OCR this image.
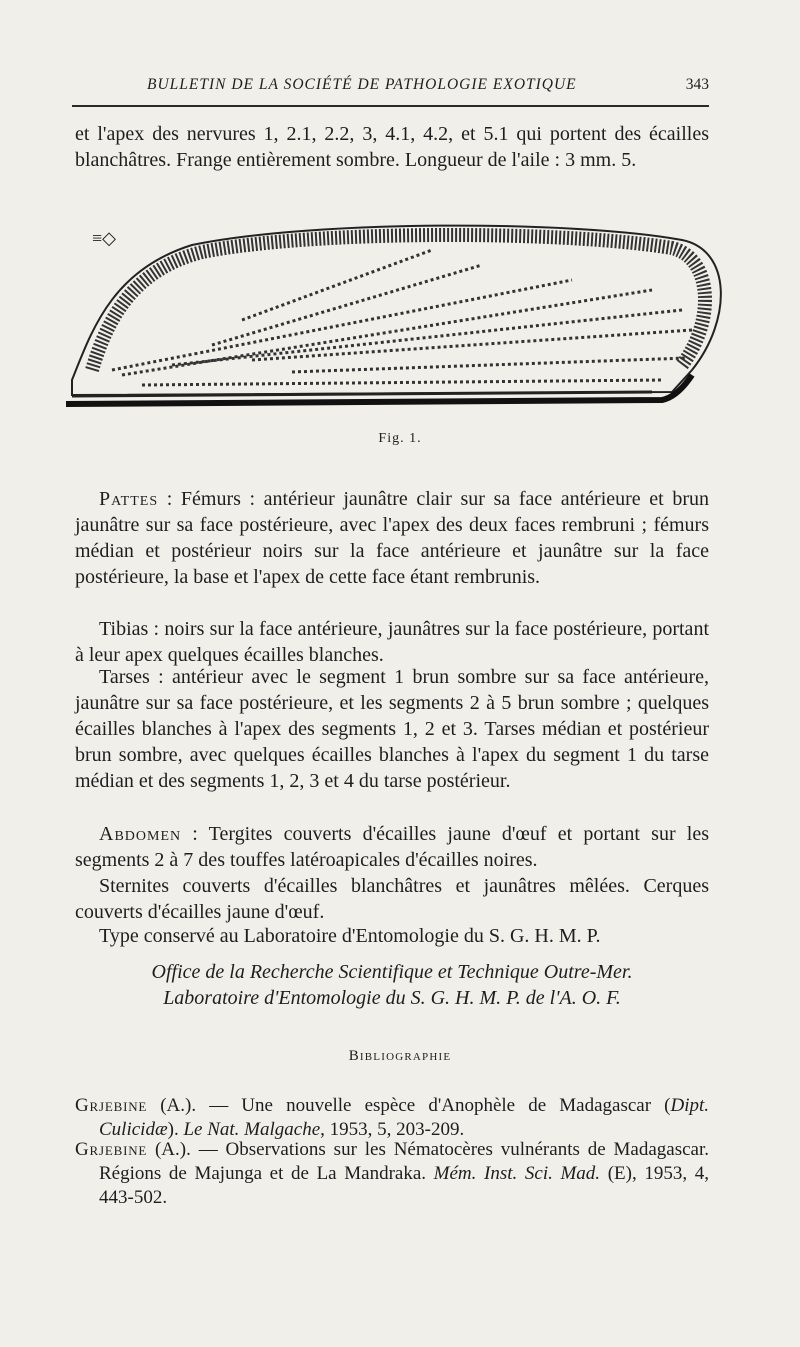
BULLETIN DE LA SOCIÉTÉ DE PATHOLOGIE EXOTIQUE	343
et l'apex des nervures 1, 2.1, 2.2, 3, 4.1, 4.2, et 5.1 qui portent des écailles blanchâtres. Frange entièrement sombre. Longueur de l'aile : 3 mm. 5.
≡◇
Fig. 1.
Pattes : Fémurs : antérieur jaunâtre clair sur sa face antérieure et brun jaunâtre sur sa face postérieure, avec l'apex des deux faces rembruni ; fémurs médian et postérieur noirs sur la face antérieure et jaunâtre sur la face postérieure, la base et l'apex de cette face étant rembrunis.
Tibias : noirs sur la face antérieure, jaunâtres sur la face postérieure, portant à leur apex quelques écailles blanches.
Tarses : antérieur avec le segment 1 brun sombre sur sa face antérieure, jaunâtre sur sa face postérieure, et les segments 2 à 5 brun sombre ; quelques écailles blanches à l'apex des segments 1, 2 et 3. Tarses médian et postérieur brun sombre, avec quelques écailles blanches à l'apex du segment 1 du tarse médian et des segments 1, 2, 3 et 4 du tarse postérieur.
Abdomen : Tergites couverts d'écailles jaune d'œuf et portant sur les segments 2 à 7 des touffes latéroapicales d'écailles noires.
Sternites couverts d'écailles blanchâtres et jaunâtres mêlées. Cerques couverts d'écailles jaune d'œuf.
Type conservé au Laboratoire d'Entomologie du S. G. H. M. P.
Office de la Recherche Scientifique et Technique Outre-Mer.
Laboratoire d'Entomologie du S. G. H. M. P. de l'A. O. F.
Bibliographie
Grjebine (A.). — Une nouvelle espèce d'Anophèle de Madagascar (Dipt. Culicidæ). Le Nat. Malgache, 1953, 5, 203-209.
Grjebine (A.). — Observations sur les Nématocères vulnérants de Madagascar. Régions de Majunga et de La Mandraka. Mém. Inst. Sci. Mad. (E), 1953, 4, 443-502.
